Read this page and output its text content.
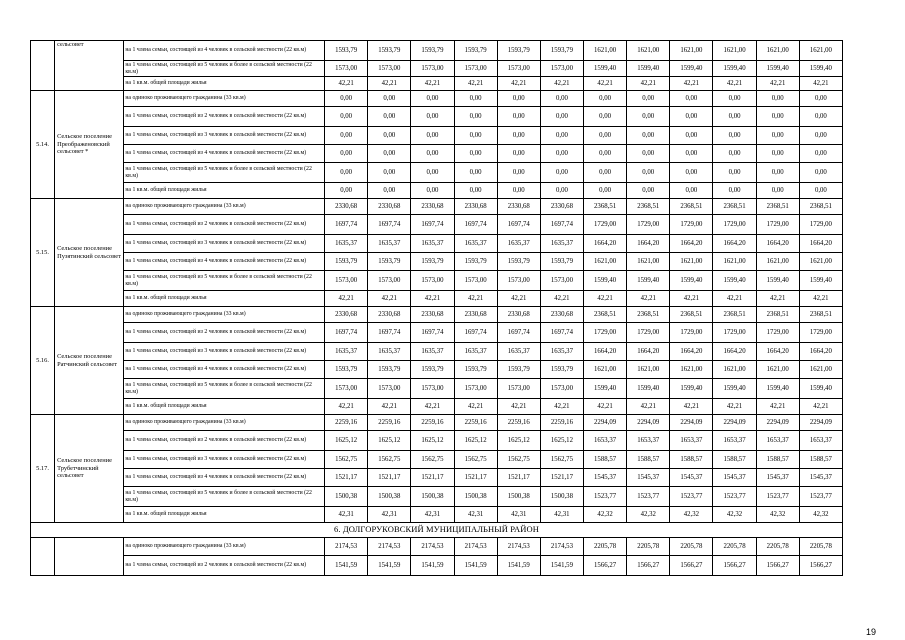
	сельсовет	на 1 члена семьи, состоящей из 4 человек в сельской местности (22 кв.м)	1593,79	1593,79	1593,79	1593,79	1593,79	1593,79	1621,00	1621,00	1621,00	1621,00	1621,00	1621,00
		на 1 члена семьи, состоящей из 5 человек и более в сельской местности (22 кв.м)	1573,00	1573,00	1573,00	1573,00	1573,00	1573,00	1599,40	1599,40	1599,40	1599,40	1599,40	1599,40
		на 1 кв.м. общей площади жилья	42,21	42,21	42,21	42,21	42,21	42,21	42,21	42,21	42,21	42,21	42,21	42,21
5.14.	Сельское поселение Преображеновский сельсовет *	на одиноко проживающего гражданина (33 кв.м)	0,00	0,00	0,00	0,00	0,00	0,00	0,00	0,00	0,00	0,00	0,00	0,00
		на 1 члена семьи, состоящей из 2 человек в сельской местности (22 кв.м)	0,00	0,00	0,00	0,00	0,00	0,00	0,00	0,00	0,00	0,00	0,00	0,00
		на 1 члена семьи, состоящей из 3 человек в сельской местности (22 кв.м)	0,00	0,00	0,00	0,00	0,00	0,00	0,00	0,00	0,00	0,00	0,00	0,00
		на 1 члена семьи, состоящей из 4 человек в сельской местности (22 кв.м)	0,00	0,00	0,00	0,00	0,00	0,00	0,00	0,00	0,00	0,00	0,00	0,00
		на 1 члена семьи, состоящей из 5 человек и более в сельской местности (22 кв.м)	0,00	0,00	0,00	0,00	0,00	0,00	0,00	0,00	0,00	0,00	0,00	0,00
		на 1 кв.м. общей площади жилья	0,00	0,00	0,00	0,00	0,00	0,00	0,00	0,00	0,00	0,00	0,00	0,00
5.15.	Сельское поселение Пузятинский сельсовет	на одиноко проживающего гражданина (33 кв.м)	2330,68	2330,68	2330,68	2330,68	2330,68	2330,68	2368,51	2368,51	2368,51	2368,51	2368,51	2368,51
		на 1 члена семьи, состоящей из 2 человек в сельской местности (22 кв.м)	1697,74	1697,74	1697,74	1697,74	1697,74	1697,74	1729,00	1729,00	1729,00	1729,00	1729,00	1729,00
		на 1 члена семьи, состоящей из 3 человек в сельской местности (22 кв.м)	1635,37	1635,37	1635,37	1635,37	1635,37	1635,37	1664,20	1664,20	1664,20	1664,20	1664,20	1664,20
		на 1 члена семьи, состоящей из 4 человек в сельской местности (22 кв.м)	1593,79	1593,79	1593,79	1593,79	1593,79	1593,79	1621,00	1621,00	1621,00	1621,00	1621,00	1621,00
		на 1 члена семьи, состоящей из 5 человек и более в сельской местности (22 кв.м)	1573,00	1573,00	1573,00	1573,00	1573,00	1573,00	1599,40	1599,40	1599,40	1599,40	1599,40	1599,40
		на 1 кв.м. общей площади жилья	42,21	42,21	42,21	42,21	42,21	42,21	42,21	42,21	42,21	42,21	42,21	42,21
5.16.	Сельское поселение Ратчинский сельсовет	на одиноко проживающего гражданина (33 кв.м)	2330,68	2330,68	2330,68	2330,68	2330,68	2330,68	2368,51	2368,51	2368,51	2368,51	2368,51	2368,51
		на 1 члена семьи, состоящей из 2 человек в сельской местности (22 кв.м)	1697,74	1697,74	1697,74	1697,74	1697,74	1697,74	1729,00	1729,00	1729,00	1729,00	1729,00	1729,00
		на 1 члена семьи, состоящей из 3 человек в сельской местности (22 кв.м)	1635,37	1635,37	1635,37	1635,37	1635,37	1635,37	1664,20	1664,20	1664,20	1664,20	1664,20	1664,20
		на 1 члена семьи, состоящей из 4 человек в сельской местности (22 кв.м)	1593,79	1593,79	1593,79	1593,79	1593,79	1593,79	1621,00	1621,00	1621,00	1621,00	1621,00	1621,00
		на 1 члена семьи, состоящей из 5 человек и более в сельской местности (22 кв.м)	1573,00	1573,00	1573,00	1573,00	1573,00	1573,00	1599,40	1599,40	1599,40	1599,40	1599,40	1599,40
		на 1 кв.м. общей площади жилья	42,21	42,21	42,21	42,21	42,21	42,21	42,21	42,21	42,21	42,21	42,21	42,21
5.17.	Сельское поселение Трубетчинский сельсовет	на одиноко проживающего гражданина (33 кв.м)	2259,16	2259,16	2259,16	2259,16	2259,16	2259,16	2294,09	2294,09	2294,09	2294,09	2294,09	2294,09
		на 1 члена семьи, состоящей из 2 человек в сельской местности (22 кв.м)	1625,12	1625,12	1625,12	1625,12	1625,12	1625,12	1653,37	1653,37	1653,37	1653,37	1653,37	1653,37
		на 1 члена семьи, состоящей из 3 человек в сельской местности (22 кв.м)	1562,75	1562,75	1562,75	1562,75	1562,75	1562,75	1588,57	1588,57	1588,57	1588,57	1588,57	1588,57
		на 1 члена семьи, состоящей из 4 человек в сельской местности (22 кв.м)	1521,17	1521,17	1521,17	1521,17	1521,17	1521,17	1545,37	1545,37	1545,37	1545,37	1545,37	1545,37
		на 1 члена семьи, состоящей из 5 человек и более в сельской местности (22 кв.м)	1500,38	1500,38	1500,38	1500,38	1500,38	1500,38	1523,77	1523,77	1523,77	1523,77	1523,77	1523,77
		на 1 кв.м. общей площади жилья	42,31	42,31	42,31	42,31	42,31	42,31	42,32	42,32	42,32	42,32	42,32	42,32
6. ДОЛГОРУКОВСКИЙ МУНИЦИПАЛЬНЫЙ РАЙОН														
		на одиноко проживающего гражданина (33 кв.м)	2174,53	2174,53	2174,53	2174,53	2174,53	2174,53	2205,78	2205,78	2205,78	2205,78	2205,78	2205,78
		на 1 члена семьи, состоящей из 2 человек в сельской местности (22 кв.м)	1541,59	1541,59	1541,59	1541,59	1541,59	1541,59	1566,27	1566,27	1566,27	1566,27	1566,27	1566,27
19
